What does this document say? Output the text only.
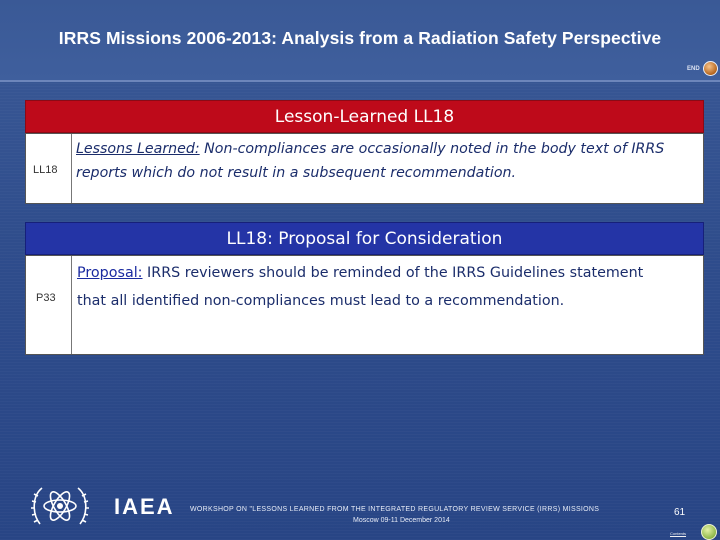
IRRS Missions 2006-2013: Analysis from a Radiation Safety Perspective
END
Lesson-Learned LL18
LL18
Lessons Learned: Non-compliances are occasionally noted in the body text of IRRS reports which do not result in a subsequent recommendation.
LL18: Proposal for Consideration
P33
Proposal: IRRS reviewers should be reminded of the IRRS Guidelines statement that all identified non-compliances must lead to a recommendation.
IAEA WORKSHOP ON "LESSONS LEARNED FROM THE INTEGRATED REGULATORY REVIEW SERVICE (IRRS) MISSIONS
Moscow 09-11 December 2014
61
Contents
